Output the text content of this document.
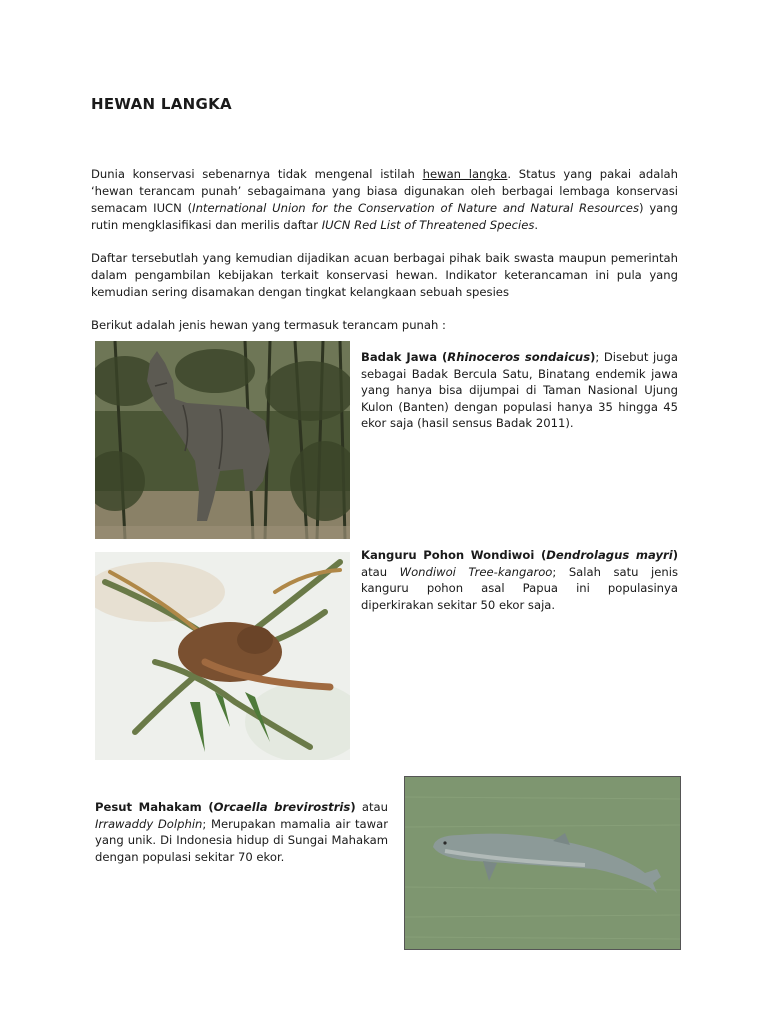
HEWAN LANGKA

Dunia konservasi sebenarnya tidak mengenal istilah hewan langka. Status yang pakai adalah ‘hewan terancam punah’ sebagaimana yang biasa digunakan oleh berbagai lembaga konservasi semacam IUCN (International Union for the Conservation of Nature and Natural Resources) yang rutin mengklasifikasi dan merilis daftar IUCN Red List of Threatened Species.

Daftar tersebutlah yang kemudian dijadikan acuan berbagai pihak baik swasta maupun pemerintah dalam pengambilan kebijakan terkait konservasi hewan. Indikator keterancaman ini pula yang kemudian sering disamakan dengan tingkat kelangkaan sebuah spesies

Berikut adalah jenis hewan yang termasuk terancam punah :

Badak Jawa (Rhinoceros sondaicus); Disebut juga sebagai Badak Bercula Satu, Binatang endemik jawa yang hanya bisa dijumpai di Taman Nasional Ujung Kulon (Banten) dengan populasi hanya 35 hingga 45 ekor saja (hasil sensus Badak 2011).

Kanguru Pohon Wondiwoi (Dendrolagus mayri) atau Wondiwoi Tree-kangaroo; Salah satu jenis kanguru pohon asal Papua ini populasinya diperkirakan sekitar 50 ekor saja.

Pesut Mahakam (Orcaella brevirostris) atau Irrawaddy Dolphin; Merupakan mamalia air tawar yang unik. Di Indonesia hidup di Sungai Mahakam dengan populasi sekitar 70 ekor.
